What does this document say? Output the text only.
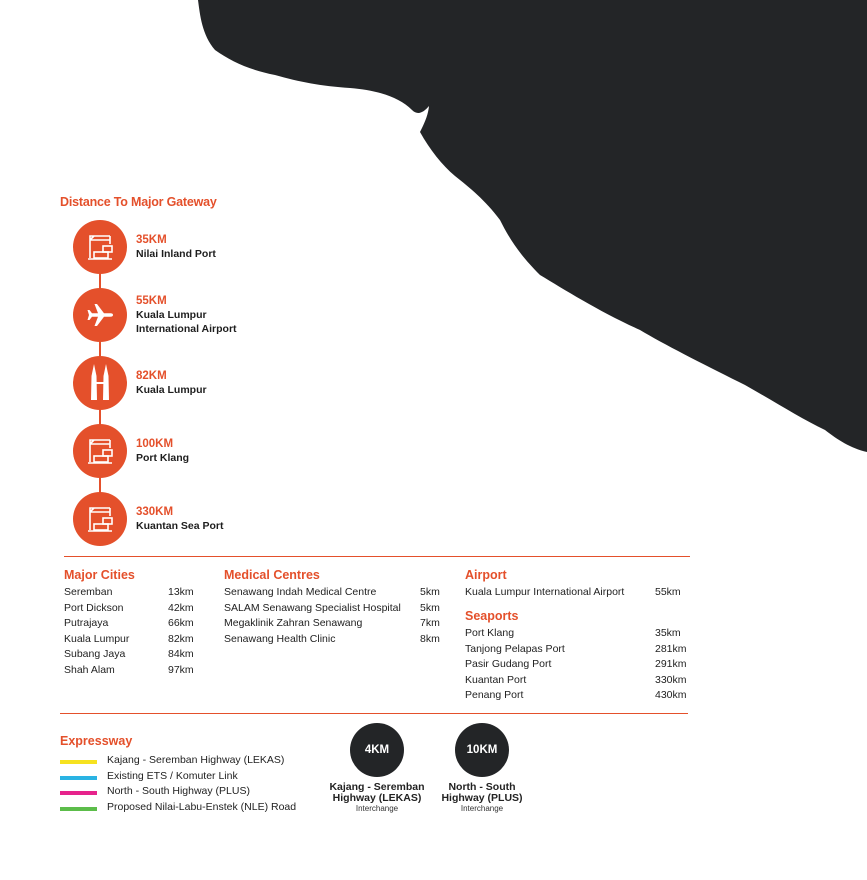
Distance To Major Gateway
35KM
Nilai Inland Port
55KM
Kuala Lumpur
International Airport
82KM
Kuala Lumpur
100KM
Port Klang
330KM
Kuantan Sea Port
Major Cities
Seremban	13km
Port Dickson	42km
Putrajaya	66km
Kuala Lumpur	82km
Subang Jaya	84km
Shah Alam	97km
Medical Centres
Senawang Indah Medical Centre	5km
SALAM Senawang Specialist Hospital 5km
Megaklinik Zahran Senawang	7km
Senawang Health Clinic	8km
Airport
Kuala Lumpur International Airport	55km
Seaports
Port Klang	35km
Tanjong Pelapas Port	281km
Pasir Gudang Port	291km
Kuantan Port	330km
Penang Port	430km
Expressway
Kajang - Seremban Highway (LEKAS)
Existing ETS / Komuter Link
North - South Highway (PLUS)
Proposed Nilai-Labu-Enstek (NLE) Road
4KM
Kajang - Seremban
Highway (LEKAS)
Interchange
10KM
North - South
Highway (PLUS)
Interchange
